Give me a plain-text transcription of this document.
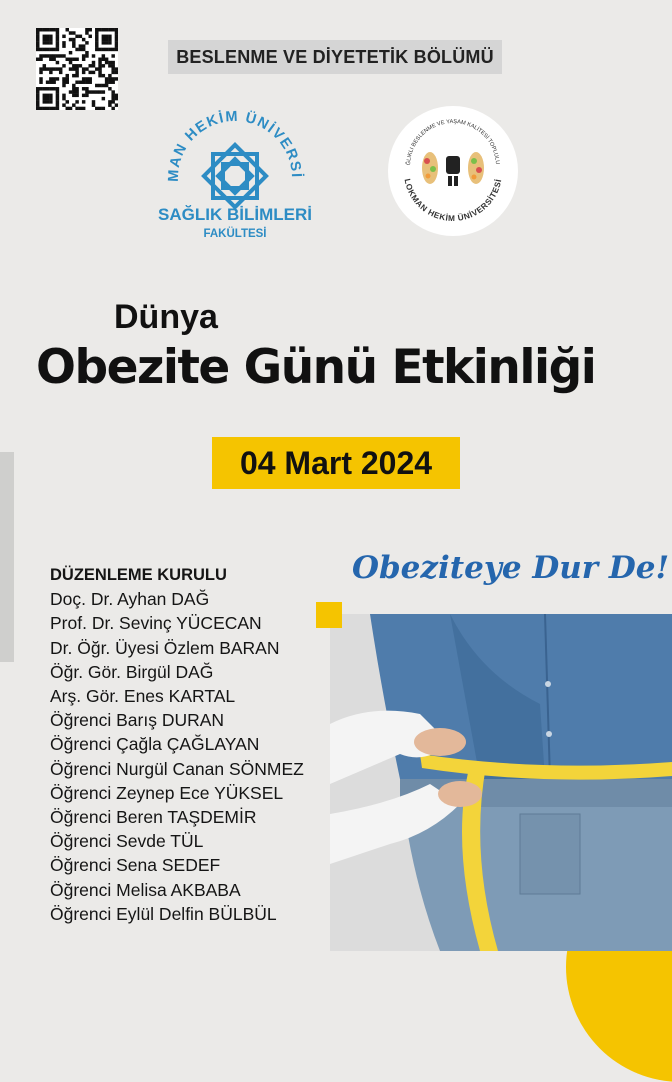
BESLENME VE DİYETETİK BÖLÜMÜ
MAN HEKİM ÜNİVERSİ
SAĞLIK BİLİMLERİ
FAKÜLTESİ
ĞLIKLI BESLENME VE YAŞAM KALİTESİ TOPLULU
LOKMAN HEKİM ÜNİVERSİTESİ
Dünya
Obezite Günü Etkinliği
04 Mart 2024
DÜZENLEME KURULU
Doç. Dr. Ayhan DAĞ
Prof. Dr. Sevinç YÜCECAN
Dr. Öğr. Üyesi Özlem BARAN
Öğr. Gör. Birgül DAĞ
Arş. Gör. Enes KARTAL
Öğrenci Barış DURAN
Öğrenci Çağla ÇAĞLAYAN
Öğrenci Nurgül Canan SÖNMEZ
Öğrenci Zeynep Ece YÜKSEL
Öğrenci Beren TAŞDEMİR
Öğrenci Sevde TÜL
Öğrenci Sena SEDEF
Öğrenci Melisa AKBABA
Öğrenci Eylül Delfin BÜLBÜL
Obeziteye Dur De!
